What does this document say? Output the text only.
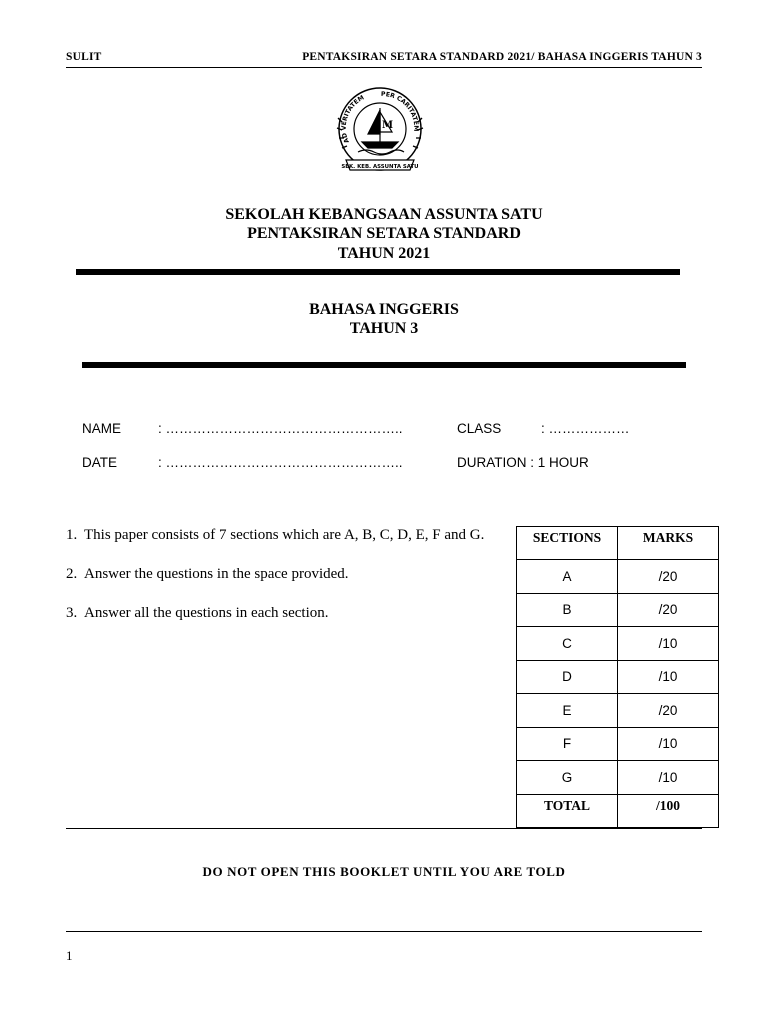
SULIT	PENTAKSIRAN SETARA STANDARD 2021/ BAHASA INGGERIS TAHUN 3
AD VERITATEM PER CARITATEM
M
SEK. KEB. ASSUNTA SATU
SEKOLAH KEBANGSAAN ASSUNTA SATU
PENTAKSIRAN SETARA STANDARD
TAHUN 2021
BAHASA INGGERIS
TAHUN 3
NAME	: ……………………………………………..	CLASS	: ………………
DATE	: ……………………………………………..	DURATION : 1 HOUR
1. This paper consists of 7 sections which are A, B, C, D, E, F and G.
2. Answer the questions in the space provided.
3. Answer all the questions in each section.
SECTIONS	MARKS
A	/20
B	/20
C	/10
D	/10
E	/20
F	/10
G	/10
TOTAL	/100
DO NOT OPEN THIS BOOKLET UNTIL YOU ARE TOLD
1
